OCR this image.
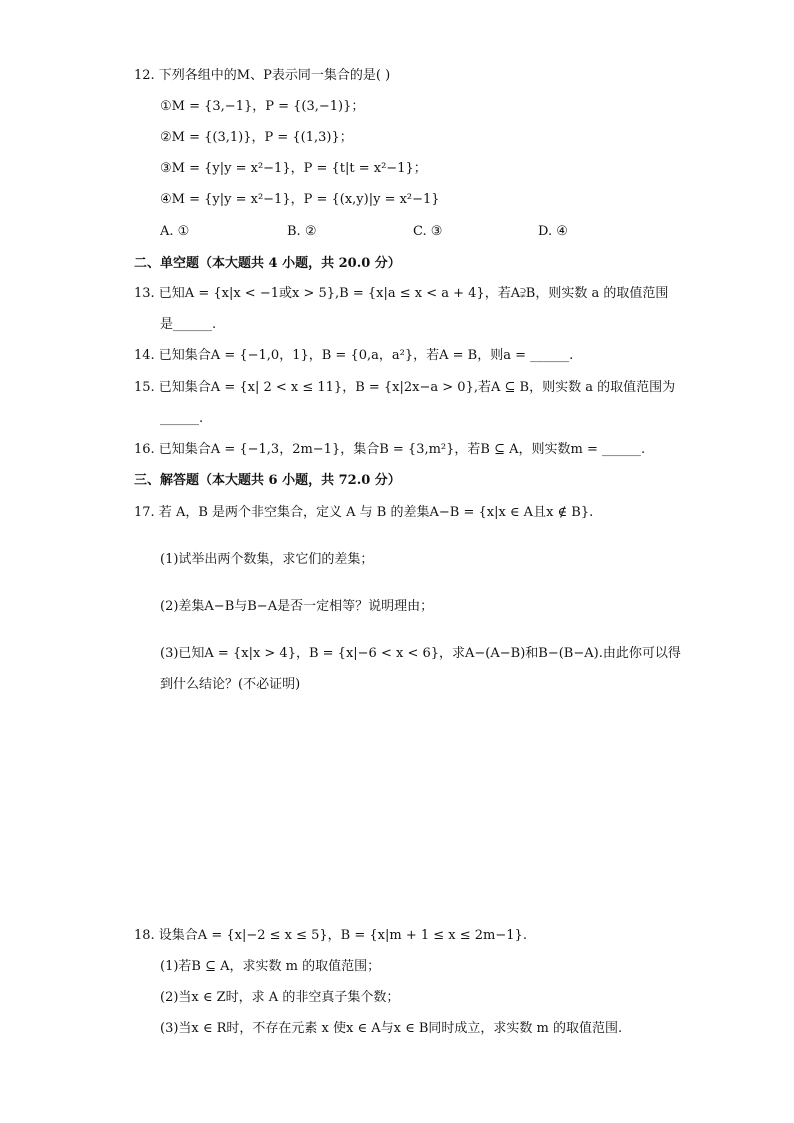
12. 下列各组中的M、P表示同一集合的是( )
①M = {3,−1}，P = {(3,−1)}；
②M = {(3,1)}，P = {(1,3)}；
③M = {y|y = x²−1}，P = {t|t = x²−1}；
④M = {y|y = x²−1}，P = {(x,y)|y = x²−1}
A. ①	B. ②	C. ③	D. ④
二、单空题（本大题共 4 小题，共 20.0 分）
13. 已知A = {x|x < −1或x > 5},B = {x|a ≤ x < a + 4}，若A⫌B，则实数 a 的取值范围
是______.
14. 已知集合A = {−1,0，1}，B = {0,a，a²}，若A = B，则a = ______.
15. 已知集合A = {x| 2 < x ≤ 11}，B = {x|2x−a > 0},若A ⊆ B，则实数 a 的取值范围为
______.
16. 已知集合A = {−1,3，2m−1}，集合B = {3,m²}，若B ⊆ A，则实数m = ______.
三、解答题（本大题共 6 小题，共 72.0 分）
17. 若 A，B 是两个非空集合，定义 A 与 B 的差集A−B = {x|x ∈ A且x ∉ B}.
(1)试举出两个数集，求它们的差集；
(2)差集A−B与B−A是否一定相等？说明理由；
(3)已知A = {x|x > 4}，B = {x|−6 < x < 6}，求A−(A−B)和B−(B−A).由此你可以得
到什么结论？(不必证明)
18. 设集合A = {x|−2 ≤ x ≤ 5}，B = {x|m + 1 ≤ x ≤ 2m−1}.
(1)若B ⊆ A，求实数 m 的取值范围；
(2)当x ∈ Z时，求 A 的非空真子集个数；
(3)当x ∈ R时，不存在元素 x 使x ∈ A与x ∈ B同时成立，求实数 m 的取值范围.
